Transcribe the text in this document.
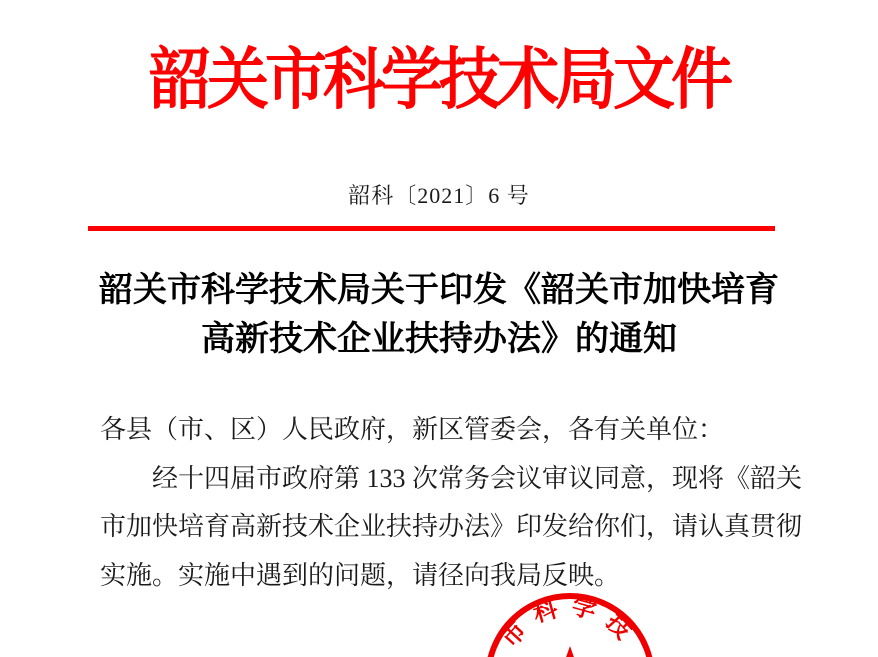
韶关市科学技术局文件
韶科〔2021〕6 号
韶关市科学技术局关于印发《韶关市加快培育
高新技术企业扶持办法》的通知
各县（市、区）人民政府，新区管委会，各有关单位：
经十四届市政府第 133 次常务会议审议同意，现将《韶关
市加快培育高新技术企业扶持办法》印发给你们，请认真贯彻
实施。实施中遇到的问题，请径向我局反映。
市科学技
